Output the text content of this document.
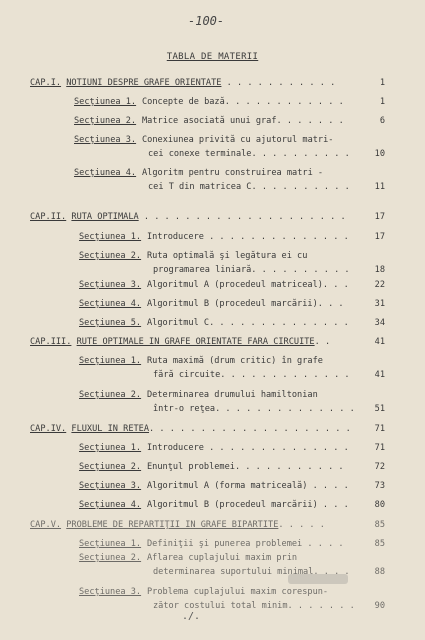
-100-
TABLA DE MATERII
CAP.I. NOTIUNI DESPRE GRAFE ORIENTATE . . . . . . . . . . .	1
Secţiunea 1. Concepte de bază. . . . . . . . . . . .	1
Secţiunea 2. Matrice asociată unui graf. . . . . . .	6
Secţiunea 3. Conexiunea privită cu ajutorul matri-
cei conexe terminale. . . . . . . . . .	10
Secţiunea 4. Algoritm pentru construirea matri -
cei T din matricea C. . . . . . . . . .	11
CAP.II. RUTA OPTIMALA . . . . . . . . . . . . . . . . . . . .	17
Secţiunea 1. Introducere . . . . . . . . . . . . . .	17
Secţiunea 2. Ruta optimală şi legătura ei cu
programarea liniară. . . . . . . . . .	18
Secţiunea 3. Algoritmul A (procedeul matriceal). . .	22
Secţiunea 4. Algoritmul B (procedeul marcării). . .	31
Secţiunea 5. Algoritmul C. . . . . . . . . . . . . .	34
CAP.III. RUTE OPTIMALE IN GRAFE ORIENTATE FARA CIRCUITE. .	41
Secţiunea 1. Ruta maximă (drum critic) în grafe
fără circuite. . . . . . . . . . . . .	41
Secţiunea 2. Determinarea drumului hamiltonian
într-o reţea. . . . . . . . . . . . . . 51
CAP.IV. FLUXUL IN RETEA. . . . . . . . . . . . . . . . . . . .	71
Secţiunea 1. Introducere . . . . . . . . . . . . . .	71
Secţiunea 2. Enunţul problemei. . . . . . . . . . .	72
Secţiunea 3. Algoritmul A (forma matriceală) . . . .	73
Secţiunea 4. Algoritmul B (procedeul marcării) . . .	80
CAP.V. PROBLEME DE REPARTIŢII IN GRAFE BIPARTITE. . . . .	85
Secţiunea 1. Definiţii şi punerea problemei . . . .	85
Secţiunea 2. Aflarea cuplajului maxim prin
determinarea suportului minimal. . . .	88
Secţiunea 3. Problema cuplajului maxim corespun-
zător costului total minim. . . . . . . 90
./.
